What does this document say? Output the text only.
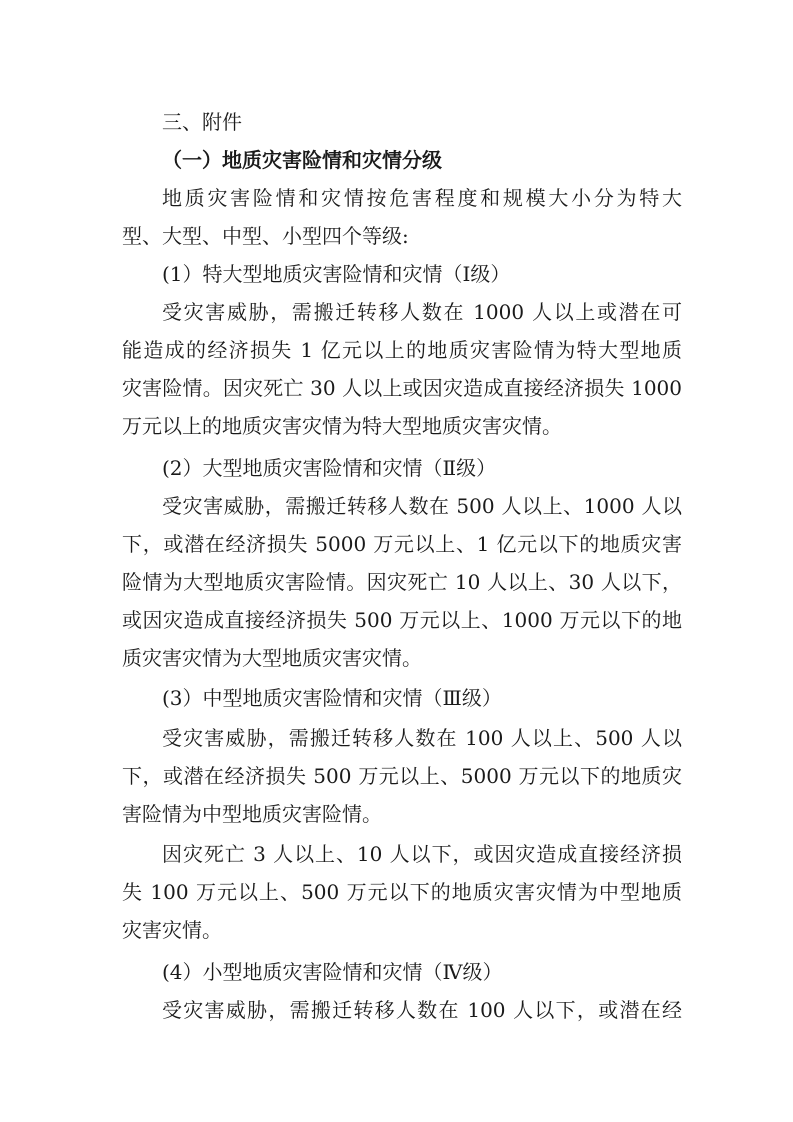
三、附件
（一）地质灾害险情和灾情分级
地质灾害险情和灾情按危害程度和规模大小分为特大
型、大型、中型、小型四个等级:
(1）特大型地质灾害险情和灾情（Ⅰ级）
受灾害威胁，需搬迁转移人数在 1000 人以上或潜在可
能造成的经济损失 1 亿元以上的地质灾害险情为特大型地质
灾害险情。因灾死亡 30 人以上或因灾造成直接经济损失 1000
万元以上的地质灾害灾情为特大型地质灾害灾情。
(2）大型地质灾害险情和灾情（Ⅱ级）
受灾害威胁，需搬迁转移人数在 500 人以上、1000 人以
下，或潜在经济损失 5000 万元以上、1 亿元以下的地质灾害
险情为大型地质灾害险情。因灾死亡 10 人以上、30 人以下，
或因灾造成直接经济损失 500 万元以上、1000 万元以下的地
质灾害灾情为大型地质灾害灾情。
(3）中型地质灾害险情和灾情（Ⅲ级）
受灾害威胁，需搬迁转移人数在 100 人以上、500 人以
下，或潜在经济损失 500 万元以上、5000 万元以下的地质灾
害险情为中型地质灾害险情。
因灾死亡 3 人以上、10 人以下，或因灾造成直接经济损
失 100 万元以上、500 万元以下的地质灾害灾情为中型地质
灾害灾情。
(4）小型地质灾害险情和灾情（Ⅳ级）
受灾害威胁，需搬迁转移人数在 100 人以下，或潜在经
